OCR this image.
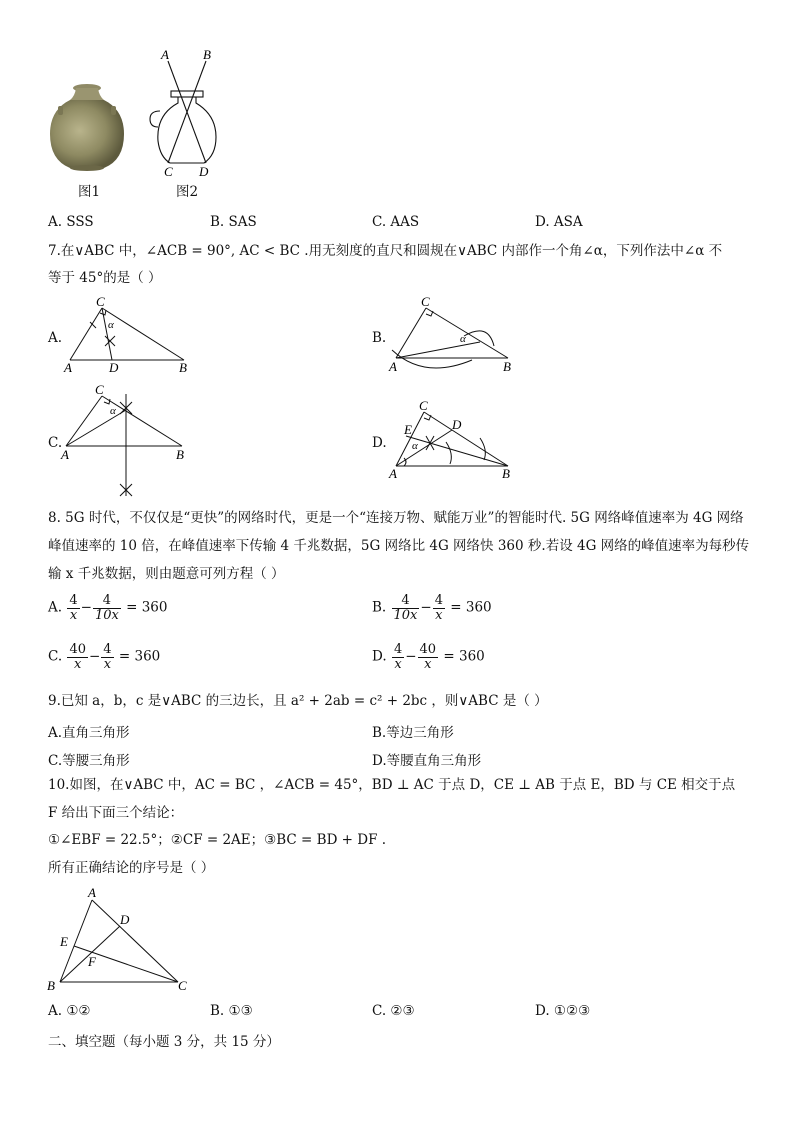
图1
A	B
C D
图2
A. SSS	B. SAS	C. AAS	D. ASA
7.在∨ABC 中，∠ACB = 90°, AC < BC .用无刻度的直尺和圆规在∨ABC 内部作一个角∠α，下列作法中∠α 不
等于 45°的是（ ）
A.
C
A	D	B
α
B.
C
A	B
α
C.
C
A	B
α
D.
C
D
E
A	B
α
8. 5G 时代，不仅仅是“更快”的网络时代，更是一个“连接万物、赋能万业”的智能时代. 5G 网络峰值速率为 4G 网络
峰值速率的 10 倍，在峰值速率下传输 4 千兆数据，5G 网络比 4G 网络快 360 秒.若设 4G 网络的峰值速率为每秒传
输 x 千兆数据，则由题意可列方程（ ）
A. $\frac{4}{x} - \frac{4}{10x} = 360$	B. $\frac{4}{10x} - \frac{4}{x} = 360$
C. $\frac{40}{x} - \frac{4}{x} = 360$	D. $\frac{4}{x} - \frac{40}{x} = 360$
9.已知 a，b，c 是∨ABC 的三边长，且 a² + 2ab = c² + 2bc ，则∨ABC 是（ ）
A.直角三角形	B.等边三角形
C.等腰三角形	D.等腰直角三角形
10.如图，在∨ABC 中，AC = BC ，∠ACB = 45°，BD ⊥ AC 于点 D，CE ⊥ AB 于点 E，BD 与 CE 相交于点
F 给出下面三个结论：
①∠EBF = 22.5°；②CF = 2AE；③BC = BD + DF .
所有正确结论的序号是（ ）
A
D
E
F
B	C
A. ①②	B. ①③	C. ②③	D. ①②③
二、填空题（每小题 3 分，共 15 分）
